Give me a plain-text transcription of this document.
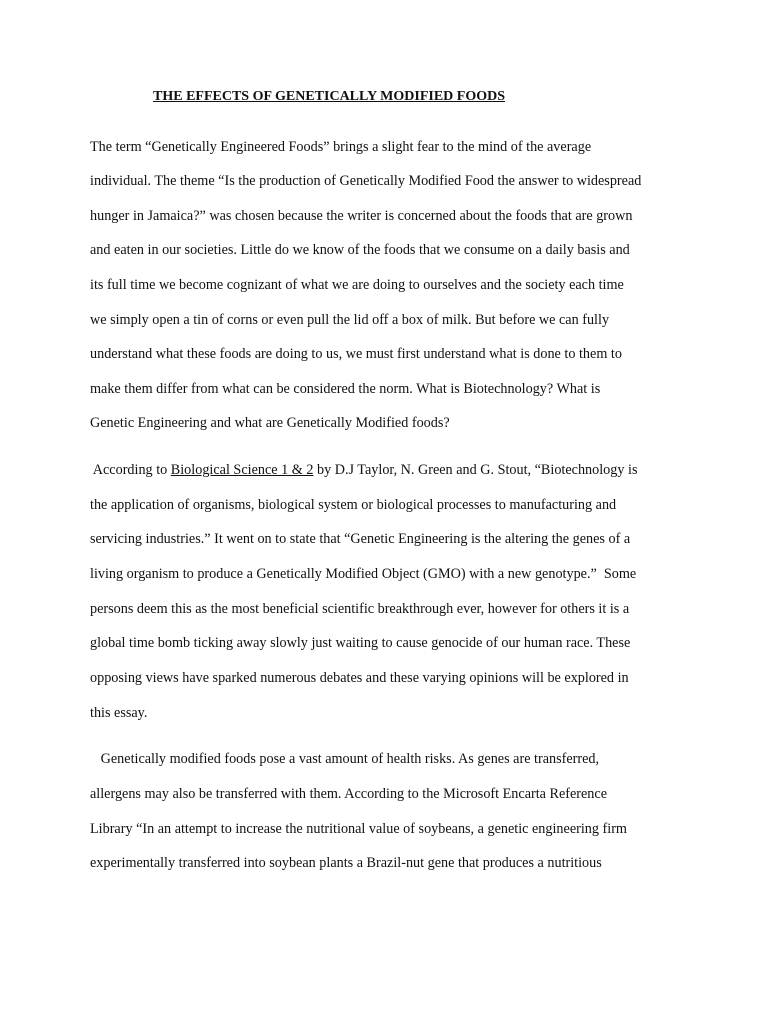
THE EFFECTS OF GENETICALLY MODIFIED FOODS
The term “Genetically Engineered Foods” brings a slight fear to the mind of the average
individual. The theme “Is the production of Genetically Modified Food the answer to widespread
hunger in Jamaica?” was chosen because the writer is concerned about the foods that are grown
and eaten in our societies. Little do we know of the foods that we consume on a daily basis and
its full time we become cognizant of what we are doing to ourselves and the society each time
we simply open a tin of corns or even pull the lid off a box of milk. But before we can fully
understand what these foods are doing to us, we must first understand what is done to them to
make them differ from what can be considered the norm. What is Biotechnology? What is
Genetic Engineering and what are Genetically Modified foods?
According to Biological Science 1 & 2 by D.J Taylor, N. Green and G. Stout, “Biotechnology is
the application of organisms, biological system or biological processes to manufacturing and
servicing industries.” It went on to state that “Genetic Engineering is the altering the genes of a
living organism to produce a Genetically Modified Object (GMO) with a new genotype.”  Some
persons deem this as the most beneficial scientific breakthrough ever, however for others it is a
global time bomb ticking away slowly just waiting to cause genocide of our human race. These
opposing views have sparked numerous debates and these varying opinions will be explored in
this essay.
Genetically modified foods pose a vast amount of health risks. As genes are transferred,
allergens may also be transferred with them. According to the Microsoft Encarta Reference
Library “In an attempt to increase the nutritional value of soybeans, a genetic engineering firm
experimentally transferred into soybean plants a Brazil-nut gene that produces a nutritious
